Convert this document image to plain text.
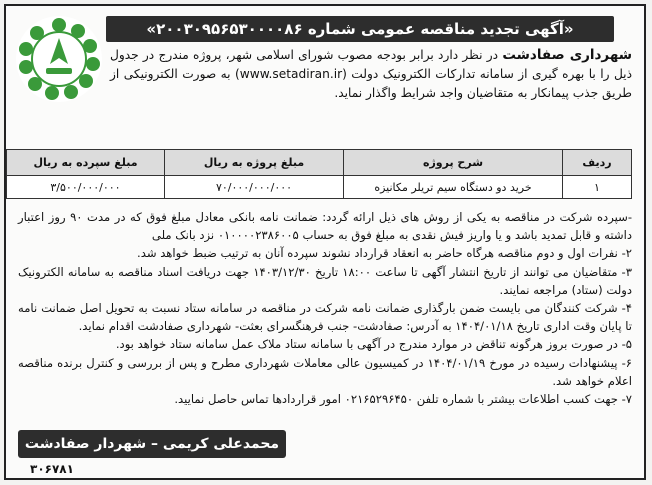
«آگهی تجدید مناقصه عمومی شماره ۲۰۰۳۰۹۵۶۵۳۰۰۰۰۸۶»
شهرداری صفادشت در نظر دارد برابر بودجه مصوب شورای اسلامی شهر، پروژه مندرج در جدول ذیل را با بهره گیری از سامانه تدارکات الکترونیک دولت (www.setadiran.ir) به صورت الکترونیکی از طریق جذب پیمانکار به متقاضیان واجد شرایط واگذار نماید.
ردیف	شرح پروژه	مبلغ پروژه به ریال	مبلغ سپرده به ریال
۱	خرید دو دستگاه سیم تریلر مکانیزه	۷۰/۰۰۰/۰۰۰/۰۰۰	۳/۵۰۰/۰۰۰/۰۰۰

-سپرده شرکت در مناقصه به یکی از روش های ذیل ارائه گردد: ضمانت نامه بانکی معادل مبلغ فوق که در مدت ۹۰ روز اعتبار داشته و قابل تمدید باشد و یا واریز فیش نقدی به مبلغ فوق به حساب ۰۱۰۰۰۰۲۳۸۶۰۰۵ نزد بانک ملی

۲- نفرات اول و دوم مناقصه هرگاه حاضر به انعقاد قرارداد نشوند سپرده آنان به ترتیب ضبط خواهد شد.

۳- متقاضیان می توانند از تاریخ انتشار آگهی تا ساعت ۱۸:۰۰ تاریخ ۱۴۰۳/۱۲/۳۰ جهت دریافت اسناد مناقصه به سامانه الکترونیک دولت (ستاد) مراجعه نمایند.

۴- شرکت کنندگان می بایست ضمن بارگذاری ضمانت نامه شرکت در مناقصه در سامانه ستاد نسبت به تحویل اصل ضمانت نامه تا پایان وقت اداری تاریخ ۱۴۰۴/۰۱/۱۸ به آدرس: صفادشت- جنب فرهنگسرای بعثت- شهرداری صفادشت اقدام نماید.

۵- در صورت بروز هرگونه تناقض در موارد مندرج در آگهی با سامانه ستاد ملاک عمل سامانه ستاد خواهد بود.

۶- پیشنهادات رسیده در مورخ ۱۴۰۴/۰۱/۱۹ در کمیسیون عالی معاملات شهرداری مطرح و پس از بررسی و کنترل برنده مناقصه اعلام خواهد شد.

۷- جهت کسب اطلاعات بیشتر با شماره تلفن ۰۲۱۶۵۲۹۶۴۵۰ امور قراردادها تماس حاصل نمایید.

محمدعلی کریمی – شهردار صفادشت
۳۰۶۷۸۱
